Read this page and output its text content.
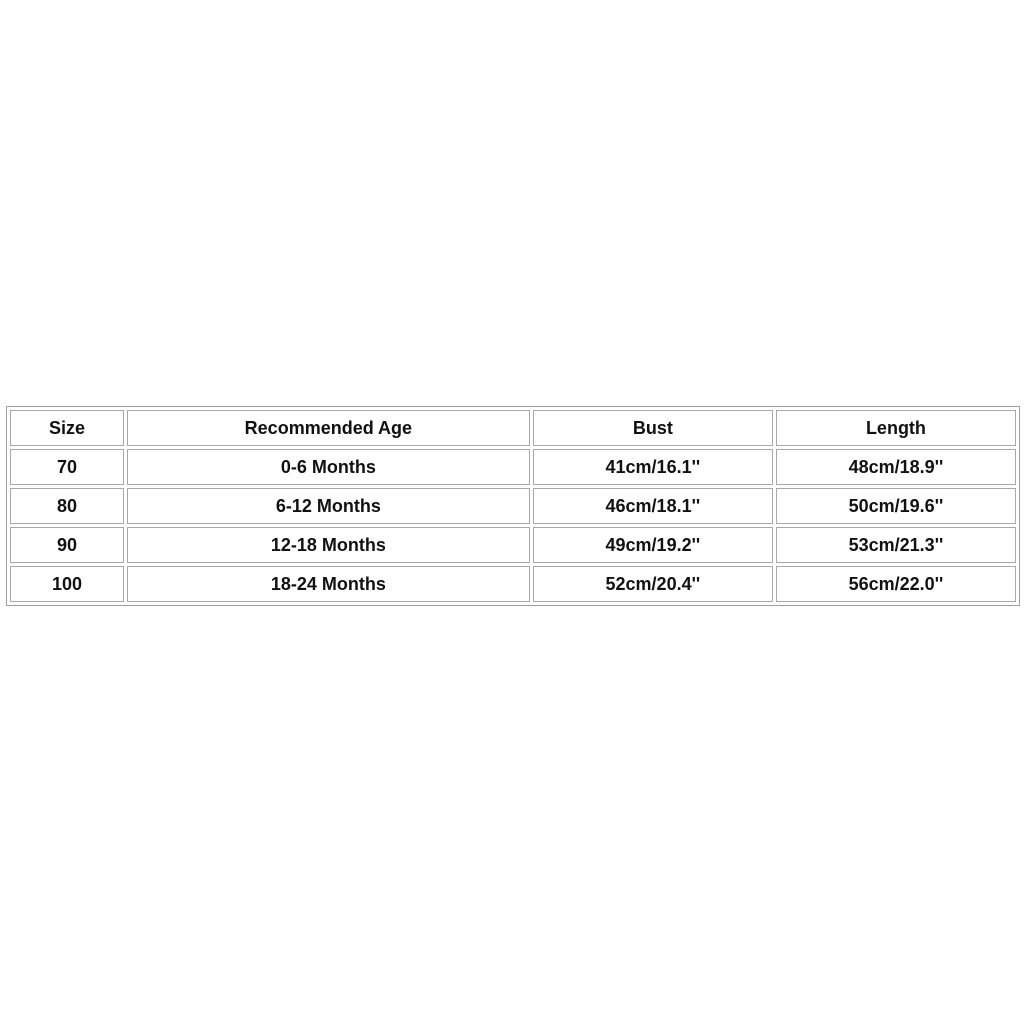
Size	Recommended Age	Bust	Length
70	0-6 Months	41cm/16.1''	48cm/18.9''
80	6-12 Months	46cm/18.1''	50cm/19.6''
90	12-18 Months	49cm/19.2''	53cm/21.3''
100	18-24 Months	52cm/20.4''	56cm/22.0''
